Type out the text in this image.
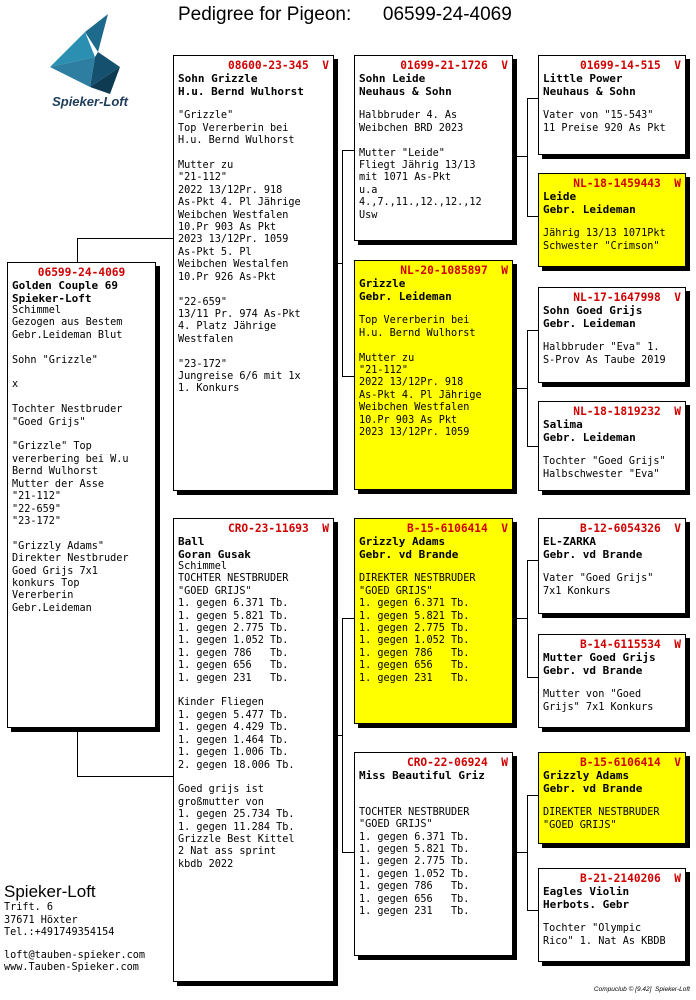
Pedigree for Pigeon: 06599-24-4069
Spieker-Loft
06599-24-4069
Golden Couple 69
Spieker-Loft
Schimmel
Gezogen aus Bestem
Gebr.Leideman Blut

Sohn "Grizzle"

x

Tochter Nestbruder
"Goed Grijs"

"Grizzle" Top
vererbering bei W.u
Bernd Wulhorst
Mutter der Asse
"21-112"
"22-659"
"23-172"

"Grizzly Adams"
Direkter Nestbruder
Goed Grijs 7x1
konkurs Top
Vererberin
Gebr.Leideman
08600-23-345  V
Sohn Grizzle
H.u. Bernd Wulhorst

"Grizzle"
Top Vererberin bei
H.u. Bernd Wulhorst

Mutter zu
"21-112"
2022 13/12Pr. 918
As-Pkt 4. Pl Jährige
Weibchen Westfalen
10.Pr 903 As Pkt
2023 13/12Pr. 1059
As-Pkt 5. Pl
Weibchen Westalfen
10.Pr 926 As-Pkt

"22-659"
13/11 Pr. 974 As-Pkt
4. Platz Jährige
Westfalen

"23-172"
Jungreise 6/6 mit 1x
1. Konkurs
CRO-23-11693  W
Ball
Goran Gusak
Schimmel
TOCHTER NESTBRUDER
"GOED GRIJS"
1. gegen 6.371 Tb.
1. gegen 5.821 Tb.
1. gegen 2.775 Tb.
1. gegen 1.052 Tb.
1. gegen 786   Tb.
1. gegen 656   Tb.
1. gegen 231   Tb.

Kinder Fliegen
1. gegen 5.477 Tb.
1. gegen 4.429 Tb.
1. gegen 1.464 Tb.
1. gegen 1.006 Tb.
2. gegen 18.006 Tb.

Goed grijs ist
großmutter von
1. gegen 25.734 Tb.
1. gegen 11.284 Tb.
Grizzle Best Kittel
2 Nat ass sprint
kbdb 2022
01699-21-1726  V
Sohn Leide
Neuhaus & Sohn

Halbbruder 4. As
Weibchen BRD 2023

Mutter "Leide"
Fliegt Jährig 13/13
mit 1071 As-Pkt
u.a
4.,7.,11.,12.,12.,12
Usw
NL-20-1085897  W
Grizzle
Gebr. Leideman

Top Vererberin bei
H.u. Bernd Wulhorst

Mutter zu
"21-112"
2022 13/12Pr. 918
As-Pkt 4. Pl Jährige
Weibchen Westfalen
10.Pr 903 As Pkt
2023 13/12Pr. 1059
B-15-6106414  V
Grizzly Adams
Gebr. vd Brande

DIREKTER NESTBRUDER
"GOED GRIJS"
1. gegen 6.371 Tb.
1. gegen 5.821 Tb.
1. gegen 2.775 Tb.
1. gegen 1.052 Tb.
1. gegen 786   Tb.
1. gegen 656   Tb.
1. gegen 231   Tb.
CRO-22-06924  W
Miss Beautiful Griz

TOCHTER NESTBRUDER
"GOED GRIJS"
1. gegen 6.371 Tb.
1. gegen 5.821 Tb.
1. gegen 2.775 Tb.
1. gegen 1.052 Tb.
1. gegen 786   Tb.
1. gegen 656   Tb.
1. gegen 231   Tb.
01699-14-515  V
Little Power
Neuhaus & Sohn

Vater von "15-543"
11 Preise 920 As Pkt
NL-18-1459443  W
Leide
Gebr. Leideman

Jährig 13/13 1071Pkt
Schwester "Crimson"
NL-17-1647998  V
Sohn Goed Grijs
Gebr. Leideman

Halbbruder "Eva" 1.
S-Prov As Taube 2019
NL-18-1819232  W
Salima
Gebr. Leideman

Tochter "Goed Grijs"
Halbschwester "Eva"
B-12-6054326  V
EL-ZARKA
Gebr. vd Brande

Vater "Goed Grijs"
7x1 Konkurs
B-14-6115534  W
Mutter Goed Grijs
Gebr. vd Brande

Mutter von "Goed
Grijs" 7x1 Konkurs
B-15-6106414  V
Grizzly Adams
Gebr. vd Brande

DIREKTER NESTBRUDER
"GOED GRIJS"
B-21-2140206  W
Eagles Violin
Herbots. Gebr

Tochter "Olympic
Rico" 1. Nat As KBDB
Spieker-Loft
Trift. 6
37671 Höxter
Tel.:+491749354154
loft@tauben-spieker.com
www.Tauben-Spieker.com
Compuclub © [9.42]  Spieker-Loft
